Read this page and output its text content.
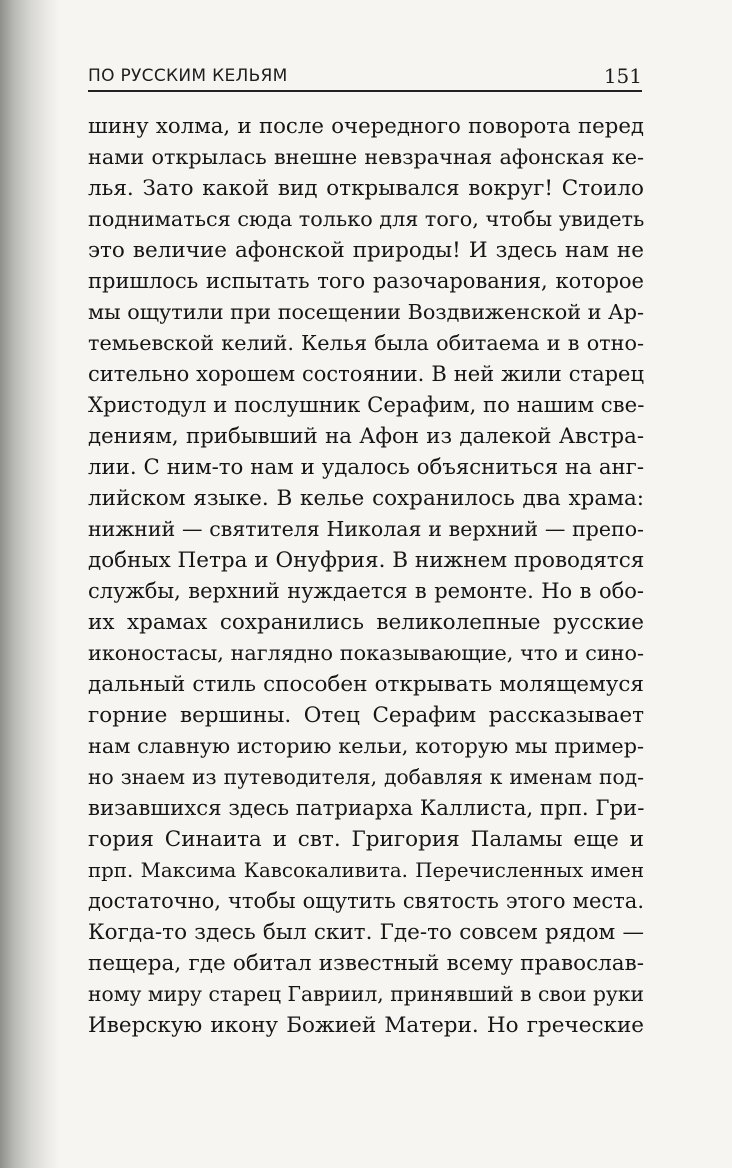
ПО РУССКИМ КЕЛЬЯМ	151
шину холма, и после очередного поворота перед
нами открылась внешне невзрачная афонская ке-
лья. Зато какой вид открывался вокруг! Стоило
подниматься сюда только для того, чтобы увидеть
это величие афонской природы! И здесь нам не
пришлось испытать того разочарования, которое
мы ощутили при посещении Воздвиженской и Ар-
темьевской келий. Келья была обитаема и в отно-
сительно хорошем состоянии. В ней жили старец
Христодул и послушник Серафим, по нашим све-
дениям, прибывший на Афон из далекой Австра-
лии. С ним-то нам и удалось объясниться на анг-
лийском языке. В келье сохранилось два храма:
нижний — святителя Николая и верхний — препо-
добных Петра и Онуфрия. В нижнем проводятся
службы, верхний нуждается в ремонте. Но в обо-
их храмах сохранились великолепные русские
иконостасы, наглядно показывающие, что и сино-
дальный стиль способен открывать молящемуся
горние вершины. Отец Серафим рассказывает
нам славную историю кельи, которую мы пример-
но знаем из путеводителя, добавляя к именам под-
визавшихся здесь патриарха Каллиста, прп. Гри-
гория Синаита и свт. Григория Паламы еще и
прп. Максима Кавсокаливита. Перечисленных имен
достаточно, чтобы ощутить святость этого места.
Когда-то здесь был скит. Где-то совсем рядом —
пещера, где обитал известный всему православ-
ному миру старец Гавриил, принявший в свои руки
Иверскую икону Божией Матери. Но греческие
